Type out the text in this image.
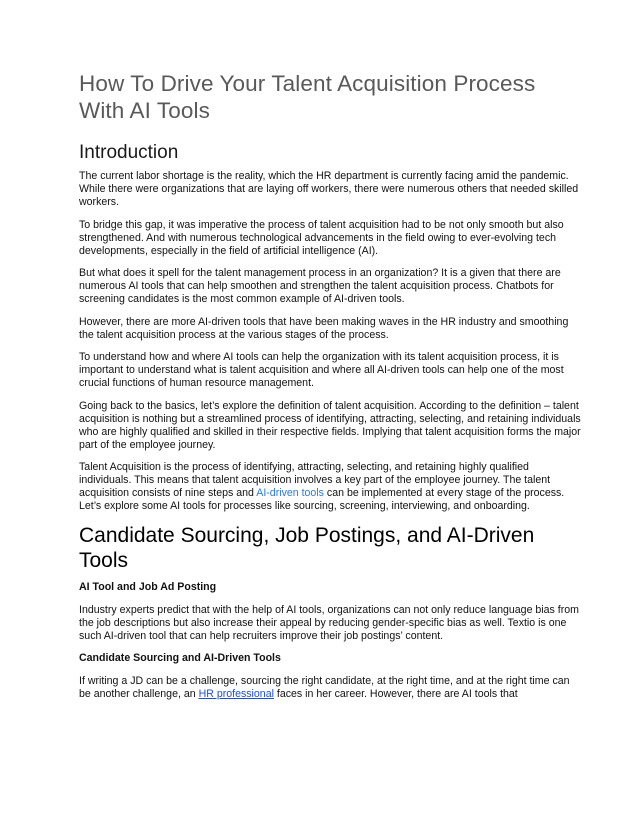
How To Drive Your Talent Acquisition Process With AI Tools
Introduction

The current labor shortage is the reality, which the HR department is currently facing amid the pandemic. While there were organizations that are laying off workers, there were numerous others that needed skilled workers.

To bridge this gap, it was imperative the process of talent acquisition had to be not only smooth but also strengthened. And with numerous technological advancements in the field owing to ever-evolving tech developments, especially in the field of artificial intelligence (AI).

But what does it spell for the talent management process in an organization? It is a given that there are numerous AI tools that can help smoothen and strengthen the talent acquisition process. Chatbots for screening candidates is the most common example of AI-driven tools.

However, there are more AI-driven tools that have been making waves in the HR industry and smoothing the talent acquisition process at the various stages of the process.

To understand how and where AI tools can help the organization with its talent acquisition process, it is important to understand what is talent acquisition and where all AI-driven tools can help one of the most crucial functions of human resource management.

Going back to the basics, let’s explore the definition of talent acquisition. According to the definition – talent acquisition is nothing but a streamlined process of identifying, attracting, selecting, and retaining individuals who are highly qualified and skilled in their respective fields. Implying that talent acquisition forms the major part of the employee journey.

Talent Acquisition is the process of identifying, attracting, selecting, and retaining highly qualified individuals. This means that talent acquisition involves a key part of the employee journey. The talent acquisition consists of nine steps and AI-driven tools can be implemented at every stage of the process. Let’s explore some AI tools for processes like sourcing, screening, interviewing, and onboarding.

Candidate Sourcing, Job Postings, and AI-Driven Tools
AI Tool and Job Ad Posting

Industry experts predict that with the help of AI tools, organizations can not only reduce language bias from the job descriptions but also increase their appeal by reducing gender-specific bias as well. Textio is one such AI-driven tool that can help recruiters improve their job postings’ content.

Candidate Sourcing and AI-Driven Tools

If writing a JD can be a challenge, sourcing the right candidate, at the right time, and at the right time can be another challenge, an HR professional faces in her career. However, there are AI tools that
